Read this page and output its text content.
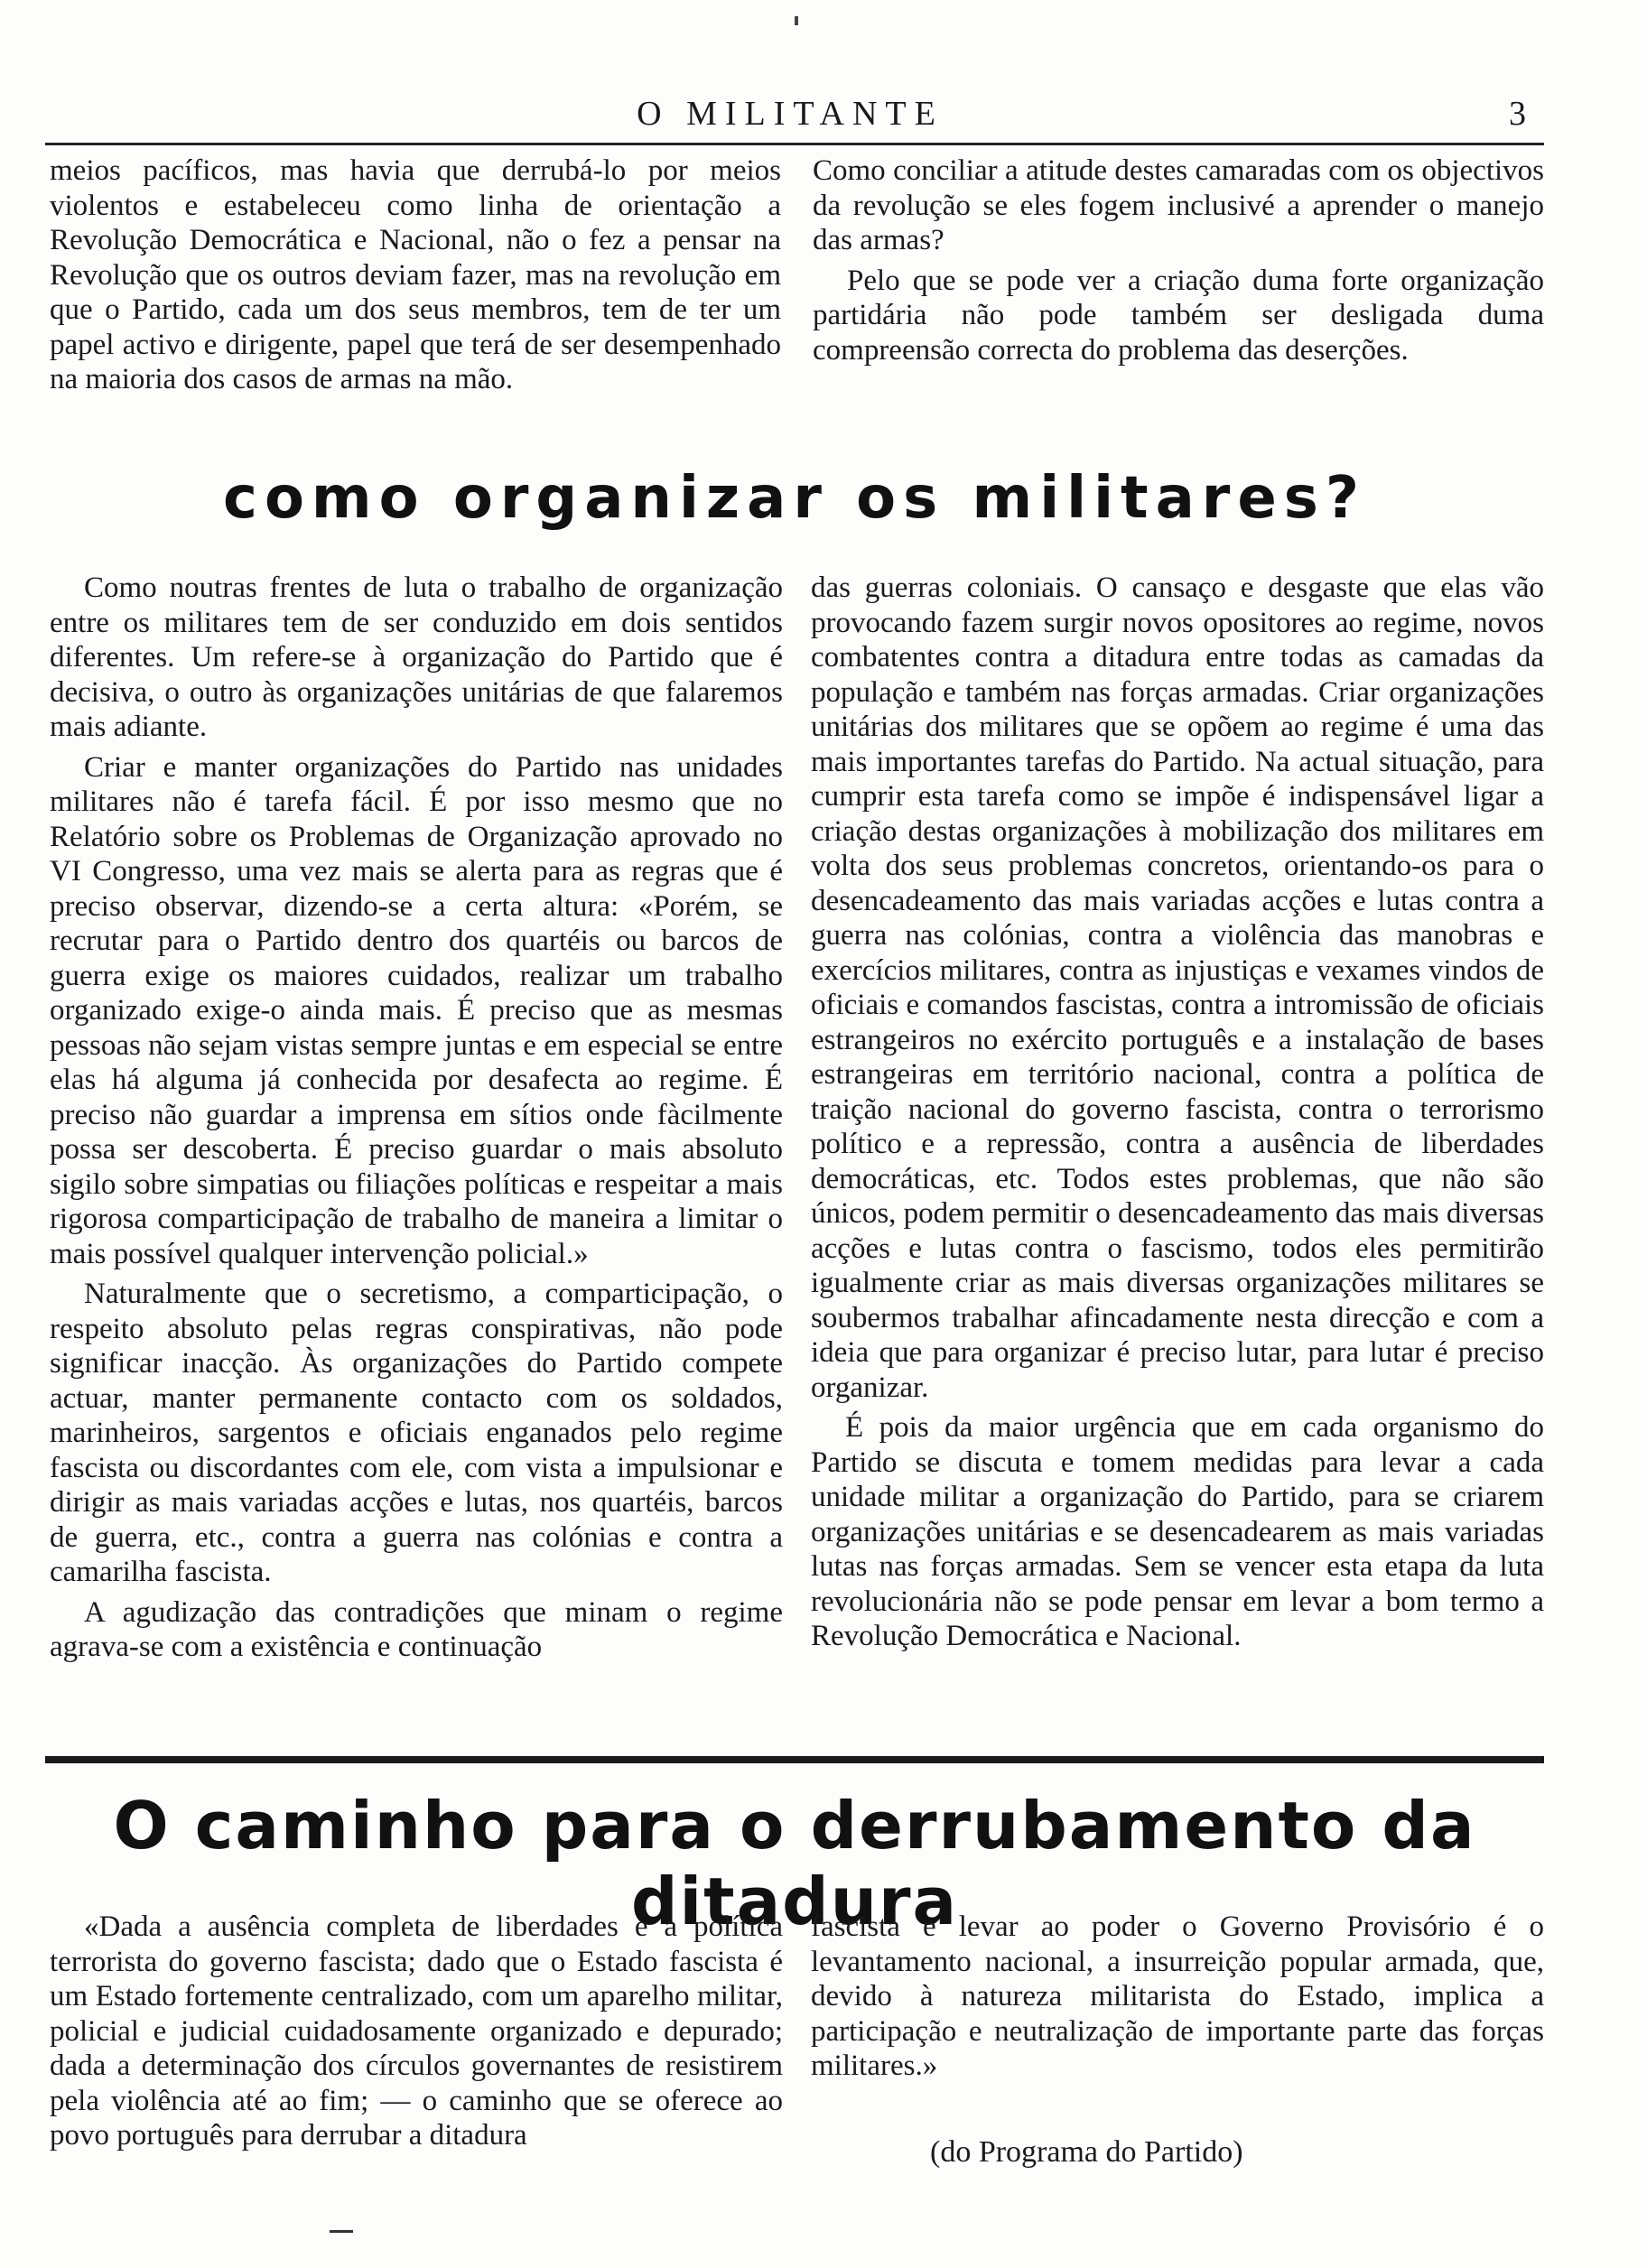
O MILITANTE	3

meios pacíficos, mas havia que derrubá-lo por meios violentos e estabeleceu como linha de orientação a Revolução Democrática e Nacional, não o fez a pensar na Revolução que os outros deviam fazer, mas na revolução em que o Partido, cada um dos seus membros, tem de ter um papel activo e dirigente, papel que terá de ser desempenhado na maioria dos casos de armas na mão.

Como conciliar a atitude destes camaradas com os objectivos da revolução se eles fogem inclusivé a aprender o manejo das armas?

Pelo que se pode ver a criação duma forte organização partidária não pode também ser desligada duma compreensão correcta do problema das deserções.

como organizar os militares?

Como noutras frentes de luta o trabalho de organização entre os militares tem de ser conduzido em dois sentidos diferentes. Um refere-se à organização do Partido que é decisiva, o outro às organizações unitárias de que falaremos mais adiante.

Criar e manter organizações do Partido nas unidades militares não é tarefa fácil. É por isso mesmo que no Relatório sobre os Problemas de Organização aprovado no VI Congresso, uma vez mais se alerta para as regras que é preciso observar, dizendo-se a certa altura: «Porém, se recrutar para o Partido dentro dos quartéis ou barcos de guerra exige os maiores cuidados, realizar um trabalho organizado exige-o ainda mais. É preciso que as mesmas pessoas não sejam vistas sempre juntas e em especial se entre elas há alguma já conhecida por desafecta ao regime. É preciso não guardar a imprensa em sítios onde fàcilmente possa ser descoberta. É preciso guardar o mais absoluto sigilo sobre simpatias ou filiações políticas e respeitar a mais rigorosa comparticipação de trabalho de maneira a limitar o mais possível qualquer intervenção policial.»

Naturalmente que o secretismo, a comparticipação, o respeito absoluto pelas regras conspirativas, não pode significar inacção. Às organizações do Partido compete actuar, manter permanente contacto com os soldados, marinheiros, sargentos e oficiais enganados pelo regime fascista ou discordantes com ele, com vista a impulsionar e dirigir as mais variadas acções e lutas, nos quartéis, barcos de guerra, etc., contra a guerra nas colónias e contra a camarilha fascista.

A agudização das contradições que minam o regime agrava-se com a existência e continuação

das guerras coloniais. O cansaço e desgaste que elas vão provocando fazem surgir novos opositores ao regime, novos combatentes contra a ditadura entre todas as camadas da população e também nas forças armadas. Criar organizações unitárias dos militares que se opõem ao regime é uma das mais importantes tarefas do Partido. Na actual situação, para cumprir esta tarefa como se impõe é indispensável ligar a criação destas organizações à mobilização dos militares em volta dos seus problemas concretos, orientando-os para o desencadeamento das mais variadas acções e lutas contra a guerra nas colónias, contra a violência das manobras e exercícios militares, contra as injustiças e vexames vindos de oficiais e comandos fascistas, contra a intromissão de oficiais estrangeiros no exército português e a instalação de bases estrangeiras em território nacional, contra a política de traição nacional do governo fascista, contra o terrorismo político e a repressão, contra a ausência de liberdades democráticas, etc. Todos estes problemas, que não são únicos, podem permitir o desencadeamento das mais diversas acções e lutas contra o fascismo, todos eles permitirão igualmente criar as mais diversas organizações militares se soubermos trabalhar afincadamente nesta direcção e com a ideia que para organizar é preciso lutar, para lutar é preciso organizar.

É pois da maior urgência que em cada organismo do Partido se discuta e tomem medidas para levar a cada unidade militar a organização do Partido, para se criarem organizações unitárias e se desencadearem as mais variadas lutas nas forças armadas. Sem se vencer esta etapa da luta revolucionária não se pode pensar em levar a bom termo a Revolução Democrática e Nacional.

O caminho para o derrubamento da ditadura

«Dada a ausência completa de liberdades e a política terrorista do governo fascista; dado que o Estado fascista é um Estado fortemente centralizado, com um aparelho militar, policial e judicial cuidadosamente organizado e depurado; dada a determinação dos círculos governantes de resistirem pela violência até ao fim; — o caminho que se oferece ao povo português para derrubar a ditadura

fascista e levar ao poder o Governo Provisório é o levantamento nacional, a insurreição popular armada, que, devido à natureza militarista do Estado, implica a participação e neutralização de importante parte das forças militares.»

(do Programa do Partido)
